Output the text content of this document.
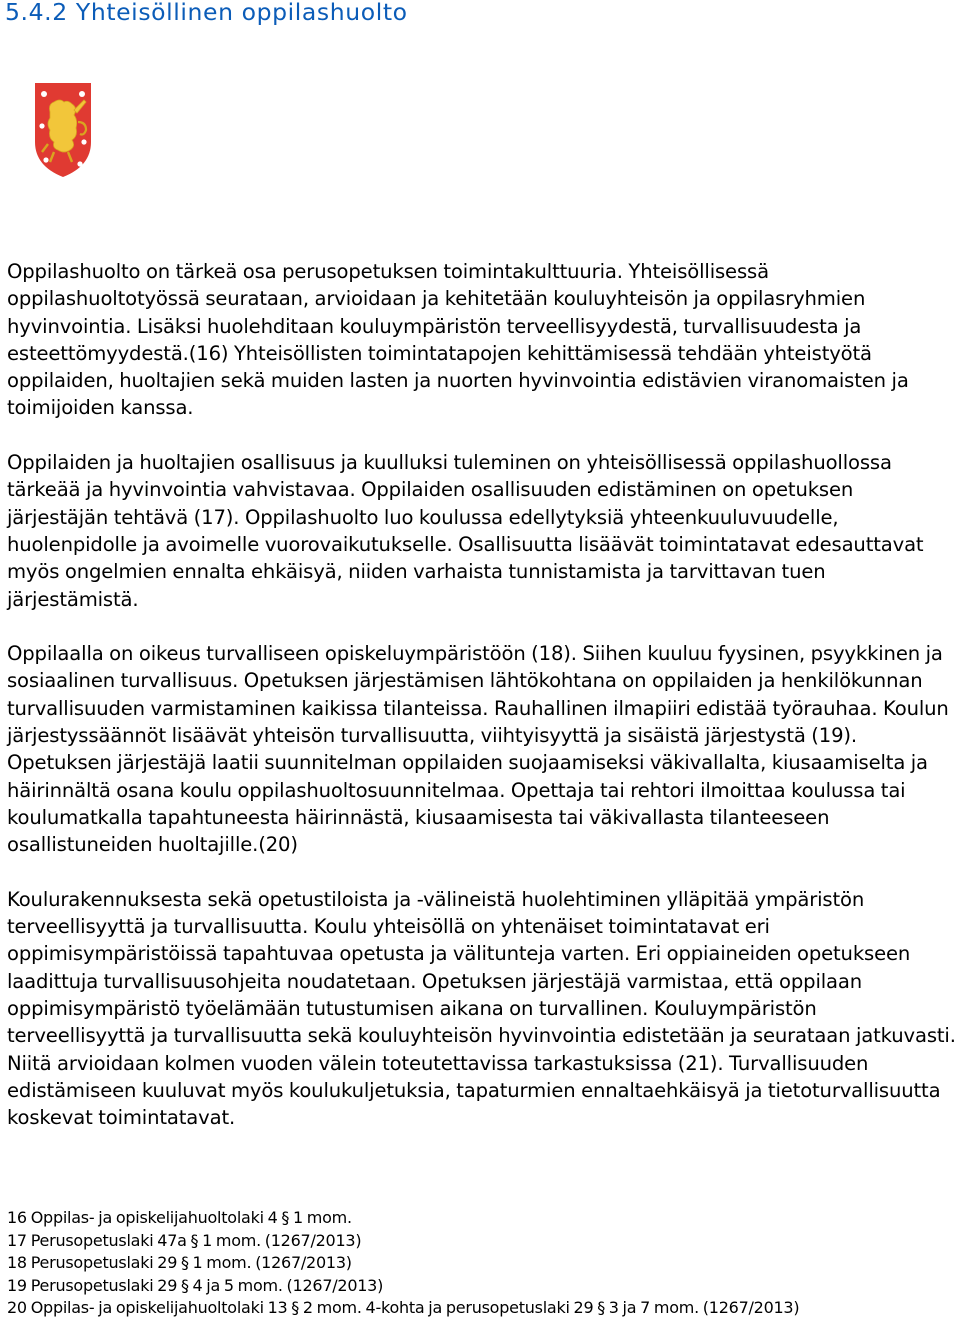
5.4.2 Yhteisöllinen oppilashuolto

Oppilashuolto on tärkeä osa perusopetuksen toimintakulttuuria. Yhteisöllisessä oppilashuoltotyössä seurataan, arvioidaan ja kehitetään kouluyhteisön ja oppilasryhmien hyvinvointia. Lisäksi huolehditaan kouluympäristön terveellisyydestä, turvallisuudesta ja esteettömyydestä.(16) Yhteisöllisten toimintatapojen kehittämisessä tehdään yhteistyötä oppilaiden, huoltajien sekä muiden lasten ja nuorten hyvinvointia edistävien viranomaisten ja toimijoiden kanssa.

Oppilaiden ja huoltajien osallisuus ja kuulluksi tuleminen on yhteisöllisessä oppilashuollossa tärkeää ja hyvinvointia vahvistavaa. Oppilaiden osallisuuden edistäminen on opetuksen järjestäjän tehtävä (17). Oppilashuolto luo koulussa edellytyksiä yhteenkuuluvuudelle, huolenpidolle ja avoimelle vuorovaikutukselle. Osallisuutta lisäävät toimintatavat edesauttavat myös ongelmien ennalta ehkäisyä, niiden varhaista tunnistamista ja tarvittavan tuen järjestämistä.

Oppilaalla on oikeus turvalliseen opiskeluympäristöön (18). Siihen kuuluu fyysinen, psyykkinen ja sosiaalinen turvallisuus. Opetuksen järjestämisen lähtökohtana on oppilaiden ja henkilökunnan turvallisuuden varmistaminen kaikissa tilanteissa. Rauhallinen ilmapiiri edistää työrauhaa. Koulun järjestyssäännöt lisäävät yhteisön turvallisuutta, viihtyisyyttä ja sisäistä järjestystä (19). Opetuksen järjestäjä laatii suunnitelman oppilaiden suojaamiseksi väkivallalta, kiusaamiselta ja häirinnältä osana koulu oppilashuoltosuunnitelmaa. Opettaja tai rehtori ilmoittaa koulussa tai koulumatkalla tapahtuneesta häirinnästä, kiusaamisesta tai väkivallasta tilanteeseen osallistuneiden huoltajille.(20)

Koulurakennuksesta sekä opetustiloista ja -välineistä huolehtiminen ylläpitää ympäristön terveellisyyttä ja turvallisuutta. Koulu yhteisöllä on yhtenäiset toimintatavat eri oppimisympäristöissä tapahtuvaa opetusta ja välitunteja varten. Eri oppiaineiden opetukseen laadittuja turvallisuusohjeita noudatetaan. Opetuksen järjestäjä varmistaa, että oppilaan oppimisympäristö työelämään tutustumisen aikana on turvallinen. Kouluympäristön terveellisyyttä ja turvallisuutta sekä kouluyhteisön hyvinvointia edistetään ja seurataan jatkuvasti. Niitä arvioidaan kolmen vuoden välein toteutettavissa tarkastuksissa (21). Turvallisuuden edistämiseen kuuluvat myös koulukuljetuksia, tapaturmien ennaltaehkäisyä ja tietoturvallisuutta koskevat toimintatavat.

16 Oppilas- ja opiskelijahuoltolaki 4 § 1 mom.
17 Perusopetuslaki 47a § 1 mom. (1267/2013)
18 Perusopetuslaki 29 § 1 mom. (1267/2013)
19 Perusopetuslaki 29 § 4 ja 5 mom. (1267/2013)
20 Oppilas- ja opiskelijahuoltolaki 13 § 2 mom. 4-kohta ja perusopetuslaki 29 § 3 ja 7 mom. (1267/2013)
